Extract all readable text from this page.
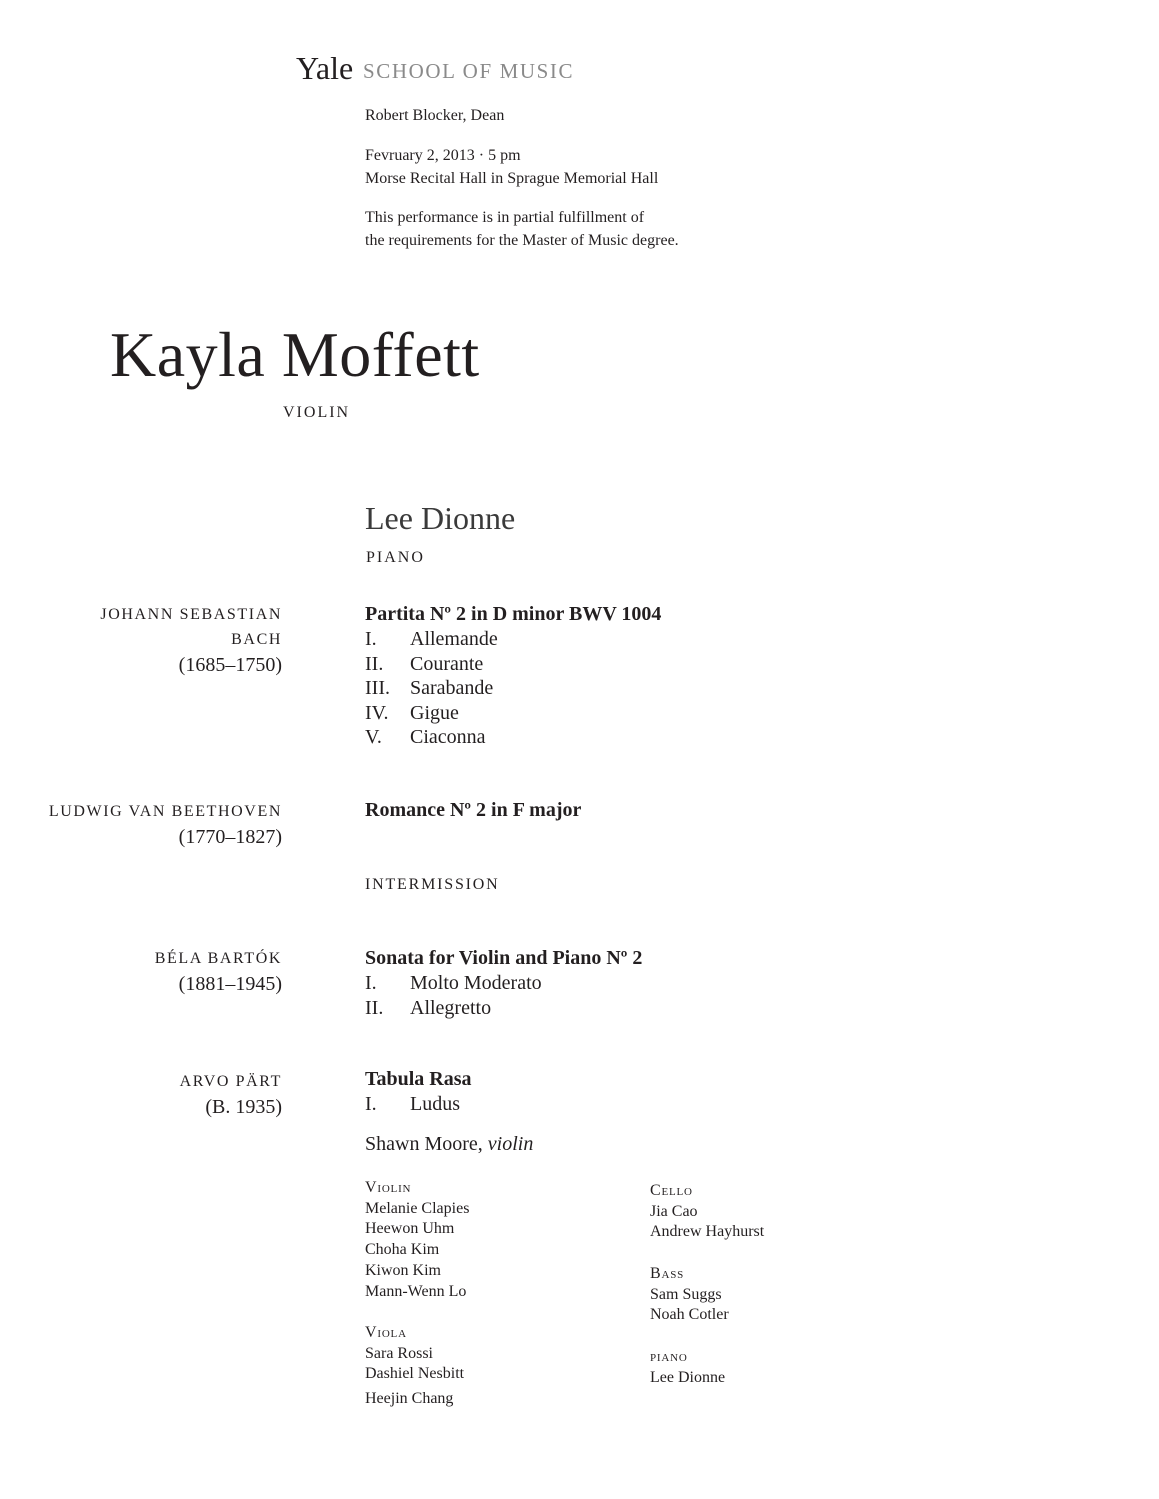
Yale SCHOOL OF MUSIC
Robert Blocker, Dean
Fevruary 2, 2013 · 5 pm
Morse Recital Hall in Sprague Memorial Hall
This performance is in partial fulfillment of
the requirements for the Master of Music degree.
Kayla Moffett
VIOLIN
Lee Dionne
PIANO
JOHANN SEBASTIAN
BACH
(1685–1750)
Partita Nº 2 in D minor BWV 1004
I. Allemande
II. Courante
III. Sarabande
IV. Gigue
V. Ciaconna
LUDWIG VAN BEETHOVEN
(1770–1827)
Romance Nº 2 in F major
INTERMISSION
BÉLA BARTÓK
(1881–1945)
Sonata for Violin and Piano Nº 2
I. Molto Moderato
II. Allegretto
ARVO PÄRT
(B. 1935)
Tabula Rasa
I. Ludus
Shawn Moore, violin
Violin
Melanie Clapies
Heewon Uhm
Choha Kim
Kiwon Kim
Mann-Wenn Lo
Viola
Sara Rossi
Dashiel Nesbitt
Heejin Chang
Cello
Jia Cao
Andrew Hayhurst
Bass
Sam Suggs
Noah Cotler
piano
Lee Dionne
